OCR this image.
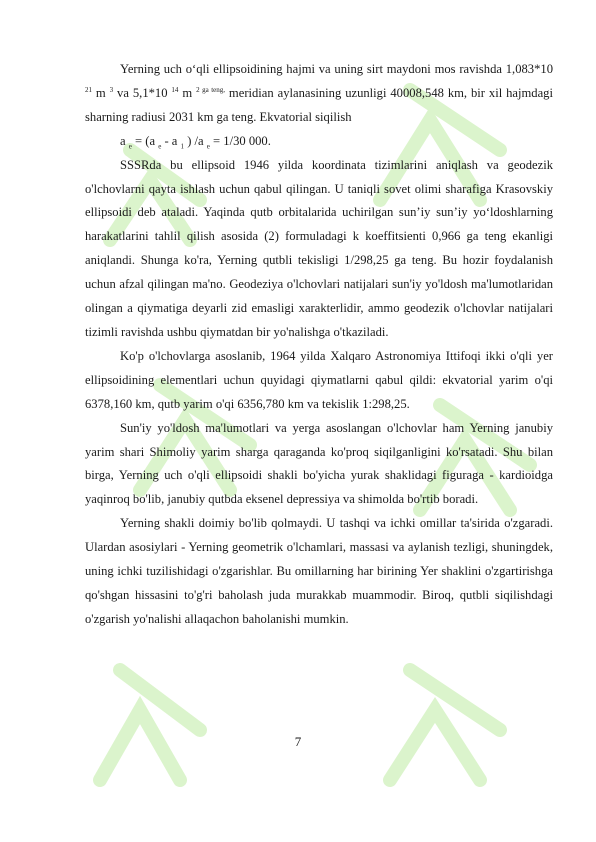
Yerning uch o‘qli ellipsoidining hajmi va uning sirt maydoni mos ravishda 1,083*10 $^{21}$ m $^3$ va 5,1*10 $^{14}$ m $^{2 ga teng,}$ meridian aylanasining uzunligi 40008,548 km, bir xil hajmdagi sharning radiusi 2031 km ga teng. Ekvatorial siqilish

a $_e$ = (a $_e$ - a $_1$ ) /a $_e$ = 1/30 000.

SSSRda bu ellipsoid 1946 yilda koordinata tizimlarini aniqlash va geodezik o'lchovlarni qayta ishlash uchun qabul qilingan. U taniqli sovet olimi sharafiga Krasovskiy ellipsoidi deb ataladi. Yaqinda qutb orbitalarida uchirilgan sun’iy sun’iy yo‘ldoshlarning harakatlarini tahlil qilish asosida (2) formuladagi k koeffitsienti 0,966 ga teng ekanligi aniqlandi. Shunga ko'ra, Yerning qutbli tekisligi 1/298,25 ga teng. Bu hozir foydalanish uchun afzal qilingan ma'no. Geodeziya o'lchovlari natijalari sun'iy yo'ldosh ma'lumotlaridan olingan a qiymatiga deyarli zid emasligi xarakterlidir, ammo geodezik o'lchovlar natijalari tizimli ravishda ushbu qiymatdan bir yo'nalishga o'tkaziladi.

Ko'p o'lchovlarga asoslanib, 1964 yilda Xalqaro Astronomiya Ittifoqi ikki o'qli yer ellipsoidining elementlari uchun quyidagi qiymatlarni qabul qildi: ekvatorial yarim o'qi 6378,160 km, qutb yarim o'qi 6356,780 km va tekislik 1:298,25.

Sun'iy yo'ldosh ma'lumotlari va yerga asoslangan o'lchovlar ham Yerning janubiy yarim shari Shimoliy yarim sharga qaraganda ko'proq siqilganligini ko'rsatadi. Shu bilan birga, Yerning uch o'qli ellipsoidi shakli bo'yicha yurak shaklidagi figuraga - kardioidga yaqinroq bo'lib, janubiy qutbda eksenel depressiya va shimolda bo'rtib boradi.

Yerning shakli doimiy bo'lib qolmaydi. U tashqi va ichki omillar ta'sirida o'zgaradi. Ulardan asosiylari - Yerning geometrik o'lchamlari, massasi va aylanish tezligi, shuningdek, uning ichki tuzilishidagi o'zgarishlar. Bu omillarning har birining Yer shaklini o'zgartirishga qo'shgan hissasini to'g'ri baholash juda murakkab muammodir. Biroq, qutbli siqilishdagi o'zgarish yo'nalishi allaqachon baholanishi mumkin.

7
